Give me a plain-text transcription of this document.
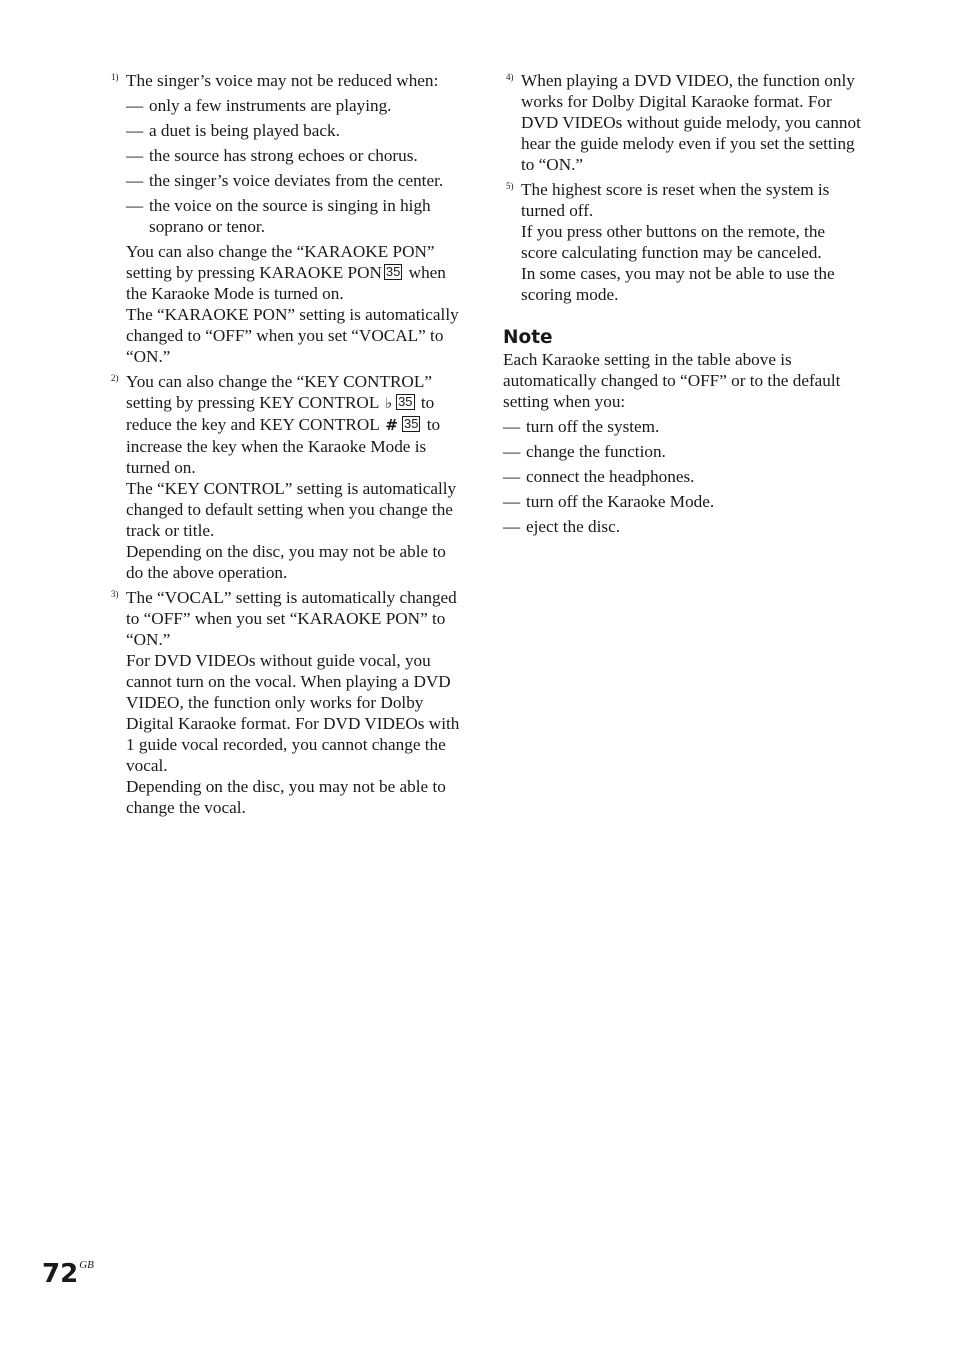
1) The singer’s voice may not be reduced when:
— only a few instruments are playing.
— a duet is being played back.
— the source has strong echoes or chorus.
— the singer’s voice deviates from the center.
— the voice on the source is singing in high soprano or tenor.
You can also change the “KARAOKE PON” setting by pressing KARAOKE PON 35 when the Karaoke Mode is turned on.
The “KARAOKE PON” setting is automatically changed to “OFF” when you set “VOCAL” to “ON.”
2) You can also change the “KEY CONTROL” setting by pressing KEY CONTROL ♭ 35 to reduce the key and KEY CONTROL # 35 to increase the key when the Karaoke Mode is turned on.
The “KEY CONTROL” setting is automatically changed to default setting when you change the track or title.
Depending on the disc, you may not be able to do the above operation.
3) The “VOCAL” setting is automatically changed to “OFF” when you set “KARAOKE PON” to “ON.”
For DVD VIDEOs without guide vocal, you cannot turn on the vocal. When playing a DVD VIDEO, the function only works for Dolby Digital Karaoke format. For DVD VIDEOs with 1 guide vocal recorded, you cannot change the vocal.
Depending on the disc, you may not be able to change the vocal.
4) When playing a DVD VIDEO, the function only works for Dolby Digital Karaoke format. For DVD VIDEOs without guide melody, you cannot hear the guide melody even if you set the setting to “ON.”
5) The highest score is reset when the system is turned off.
If you press other buttons on the remote, the score calculating function may be canceled.
In some cases, you may not be able to use the scoring mode.
Note
Each Karaoke setting in the table above is automatically changed to “OFF” or to the default setting when you:
— turn off the system.
— change the function.
— connect the headphones.
— turn off the Karaoke Mode.
— eject the disc.
$72^{GB}$
